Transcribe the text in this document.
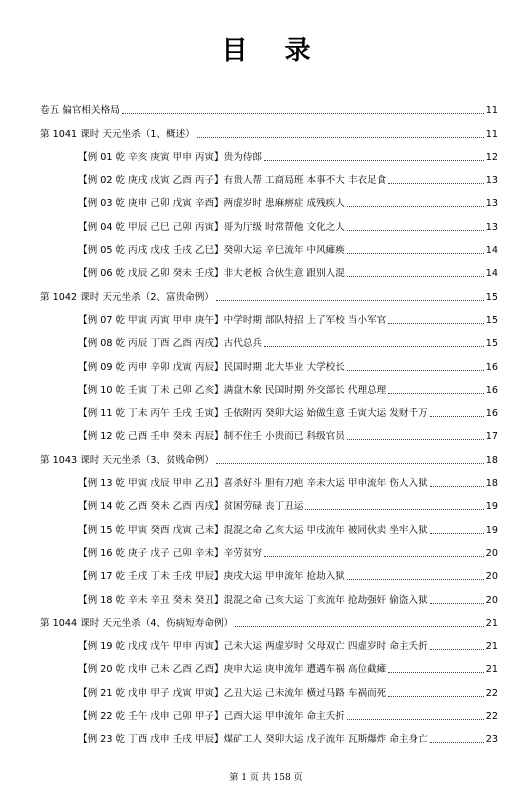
目 录
卷五 偏官相关格局	11
第 1041 课时 天元坐杀（1、概述）	11
【例 01 乾 辛亥 庚寅 甲申 丙寅】贵为侍郎	12
【例 02 乾 庚戌 戊寅 乙酉 丙子】有贵人帮 工商局班 本事不大 丰衣足食	13
【例 03 乾 庚申 己卯 戊寅 辛酉】两虚岁时 患麻痹症 成残疾人	13
【例 04 乾 甲辰 己巳 己卯 丙寅】哥为厅级 时常帮他 文化之人	13
【例 05 乾 丙戌 戊戌 壬戌 乙巳】癸卯大运 辛巳流年 中风瘫痪	14
【例 06 乾 戊辰 乙卯 癸未 壬戌】非大老板 合伙生意 跟别人混	14
第 1042 课时 天元坐杀（2、富贵命例）	15
【例 07 乾 甲寅 丙寅 甲申 庚午】中学时期 部队特招 上了军校 当小军官	15
【例 08 乾 丙辰 丁酉 乙酉 丙戌】古代总兵	15
【例 09 乾 丙申 辛卯 戊寅 丙辰】民国时期 北大毕业 大学校长	16
【例 10 乾 壬寅 丁未 己卯 乙亥】满盘木象 民国时期 外交部长 代理总理	16
【例 11 乾 丁未 丙午 壬戌 壬寅】壬依附丙 癸卯大运 始做生意 壬寅大运 发财千万	16
【例 12 乾 己酉 壬申 癸未 丙辰】制不住壬 小贵而已 科级官员	17
第 1043 课时 天元坐杀（3、贫贱命例）	18
【例 13 乾 甲寅 戊辰 甲申 乙丑】喜杀好斗 胆有刀疤 辛未大运 甲申流年 伤人入狱	18
【例 14 乾 乙酉 癸未 乙酉 丙戌】贫困劳碌 丧丁丑运	19
【例 15 乾 甲寅 癸酉 戊寅 己未】混混之命 乙亥大运 甲戌流年 被同伙卖 坐牢入狱	19
【例 16 乾 庚子 戊子 己卯 辛未】辛劳贫穷	20
【例 17 乾 壬戌 丁未 壬戌 甲辰】庚戌大运 甲申流年 抢劫入狱	20
【例 18 乾 辛未 辛丑 癸未 癸丑】混混之命 己亥大运 丁亥流年 抢劫强奸 偷盗入狱	20
第 1044 课时 天元坐杀（4、伤病短寿命例）	21
【例 19 乾 戊戌 戊午 甲申 丙寅】己未大运 两虚岁时 父母双亡 四虚岁时 命主夭折	21
【例 20 乾 戊申 己未 乙酉 乙酉】庚申大运 庚申流年 遭遇车祸 高位截瘫	21
【例 21 乾 戊申 甲子 戊寅 甲寅】乙丑大运 己未流年 横过马路 车祸而死	22
【例 22 乾 壬午 戊申 己卯 甲子】己酉大运 甲申流年 命主夭折	22
【例 23 乾 丁酉 戊申 壬戌 甲辰】煤矿工人 癸卯大运 戊子流年 瓦斯爆炸 命主身亡	23
第 1 页 共 158 页
